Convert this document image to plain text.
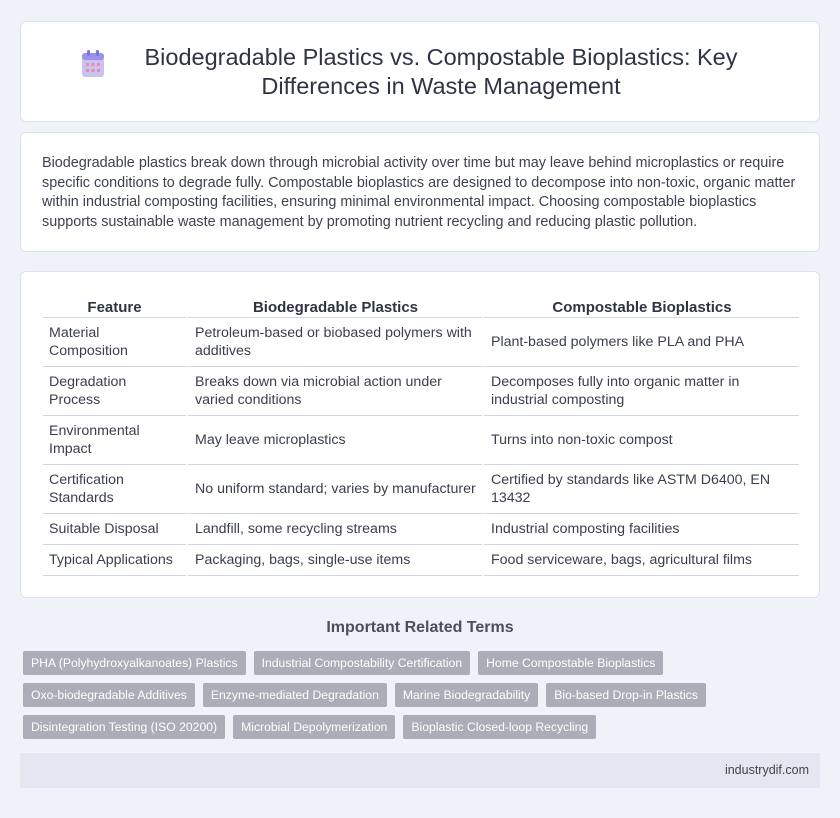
Biodegradable Plastics vs. Compostable Bioplastics: Key Differences in Waste Management

Biodegradable plastics break down through microbial activity over time but may leave behind microplastics or require specific conditions to degrade fully. Compostable bioplastics are designed to decompose into non-toxic, organic matter within industrial composting facilities, ensuring minimal environmental impact. Choosing compostable bioplastics supports sustainable waste management by promoting nutrient recycling and reducing plastic pollution.

Feature	Biodegradable Plastics	Compostable Bioplastics
Material Composition	Petroleum-based or biobased polymers with additives	Plant-based polymers like PLA and PHA
Degradation Process	Breaks down via microbial action under varied conditions	Decomposes fully into organic matter in industrial composting
Environmental Impact	May leave microplastics	Turns into non-toxic compost
Certification Standards	No uniform standard; varies by manufacturer	Certified by standards like ASTM D6400, EN 13432
Suitable Disposal	Landfill, some recycling streams	Industrial composting facilities
Typical Applications	Packaging, bags, single-use items	Food serviceware, bags, agricultural films
Important Related Terms
PHA (Polyhydroxyalkanoates) Plastics	Industrial Compostability Certification	Home Compostable Bioplastics
Oxo-biodegradable Additives	Enzyme-mediated Degradation	Marine Biodegradability	Bio-based Drop-in Plastics
Disintegration Testing (ISO 20200)	Microbial Depolymerization	Bioplastic Closed-loop Recycling
industrydif.com
